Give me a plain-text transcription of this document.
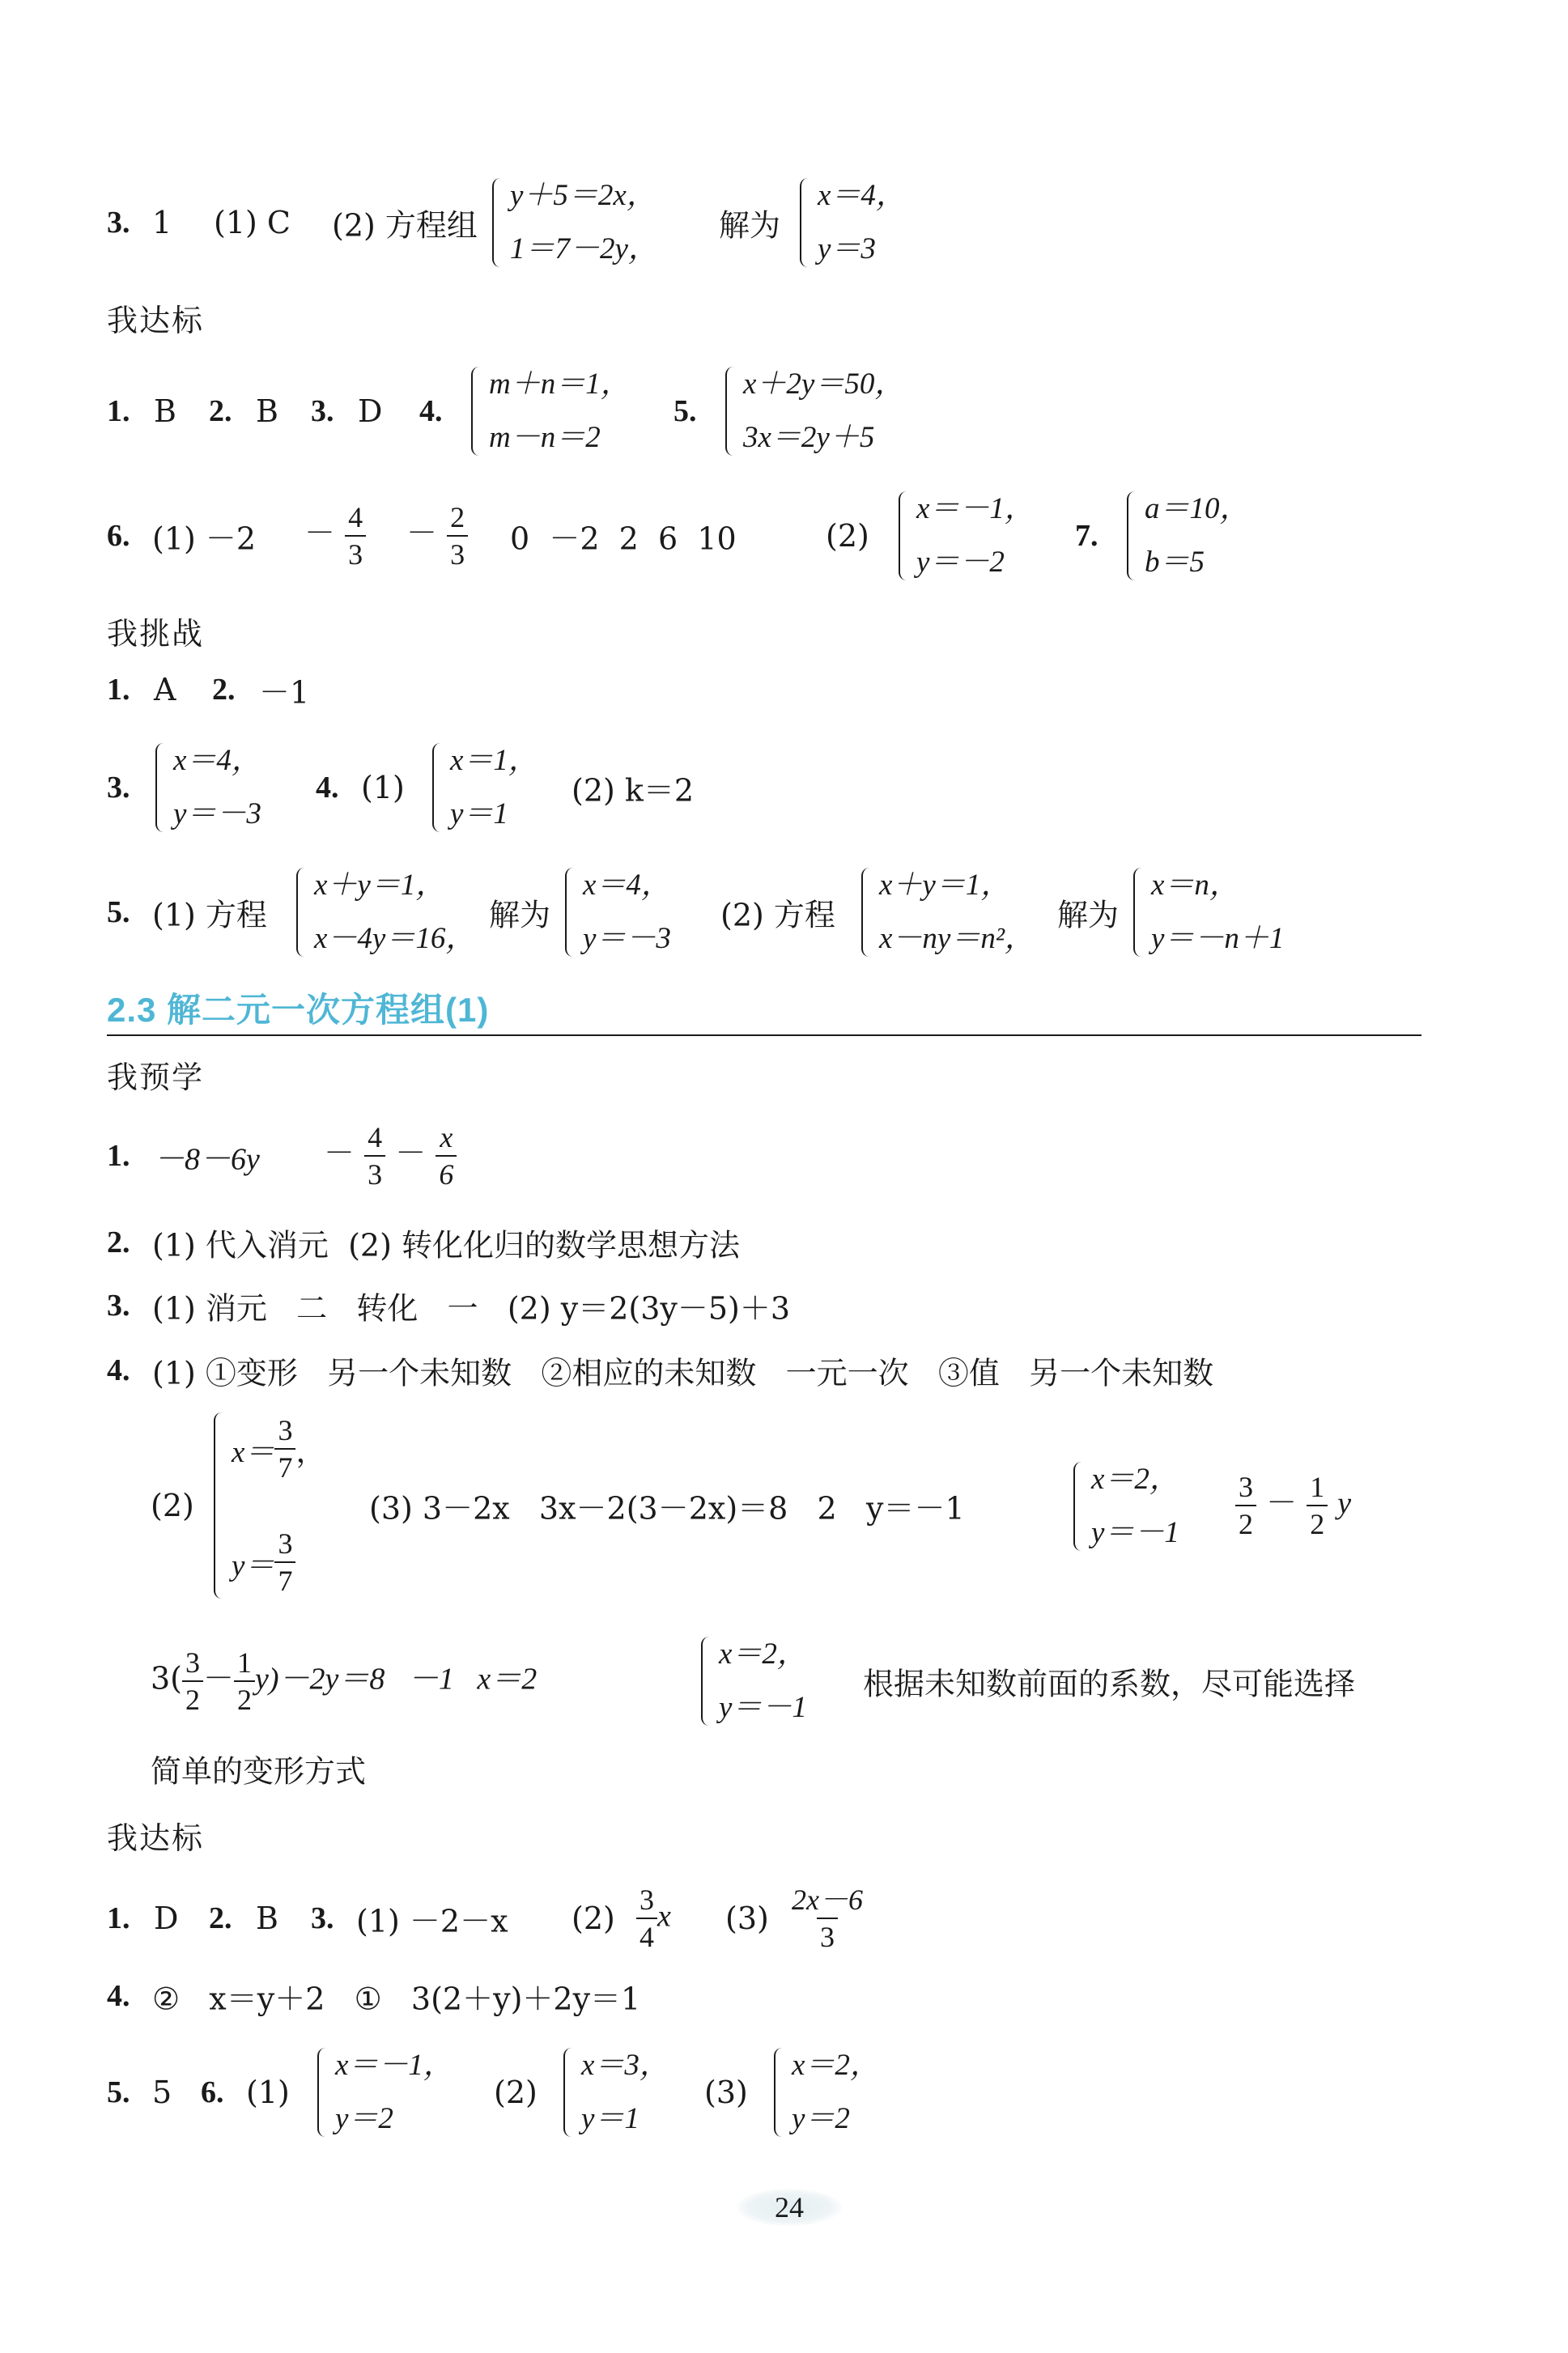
3. 1 (1) C (2) 方程组
y＋5＝2x，
1＝7－2y，
解为
x＝4，
y＝3
我达标
1. B 2. B 3. D 4.
m＋n＝1，
m－n＝2
5.
x＋2y＝50，
3x＝2y＋5
6. $(1) -2 - \frac{4}{3} - \frac{2}{3} 0 -2$  2  6  10	(2)
x＝－1，
y＝－2
7.
a＝10，
b＝5
我挑战
1. A 2. －1
3.
x＝4，
y＝－3
4. (1)
x＝1，
y＝1
(2) k＝2
5. (1) 方程
x＋y＝1，
x－4y＝16，
解为
x＝4，
y＝－3
(2) 方程
x＋y＝1，
x－ny＝n²，
解为
x＝n，
y＝－n＋1
2.3 解二元一次方程组(1)
我预学
1. $-8-6y - \frac{4}{3} - \frac{x}{6}$
2. (1) 代入消元  (2) 转化化归的数学思想方法
3. (1) 消元   二   转化   一   (2) y＝2(3y－5)＋3
4. (1) ①变形   另一个未知数   ②相应的未知数   一元一次   ③值   另一个未知数
(2)
$x= \frac{3}{7}$ ，
$y= \frac{3}{7}$
(3) 3－2x   3x－2(3－2x)＝8   2   y＝－1
x＝2，
$y=-1 \frac{3}{2} - \frac{1}{2}$ y
$3( \frac{3}{2} - \frac{1}{2} y)-2y=8 -1$   x＝2
x＝2，
y＝－1
根据未知数前面的系数，尽可能选择
简单的变形方式
我达标
1. D 2. B 3. (1) －2－x $(2) \frac{3}{4}$ x $(3) \frac{2x-6}{3}$
4. ②   x＝y＋2   ①   3(2＋y)＋2y＝1
5. 5 6. (1)
x＝－1，
y＝2
(2)
x＝3，
y＝1
(3)
x＝2，
y＝2
24
